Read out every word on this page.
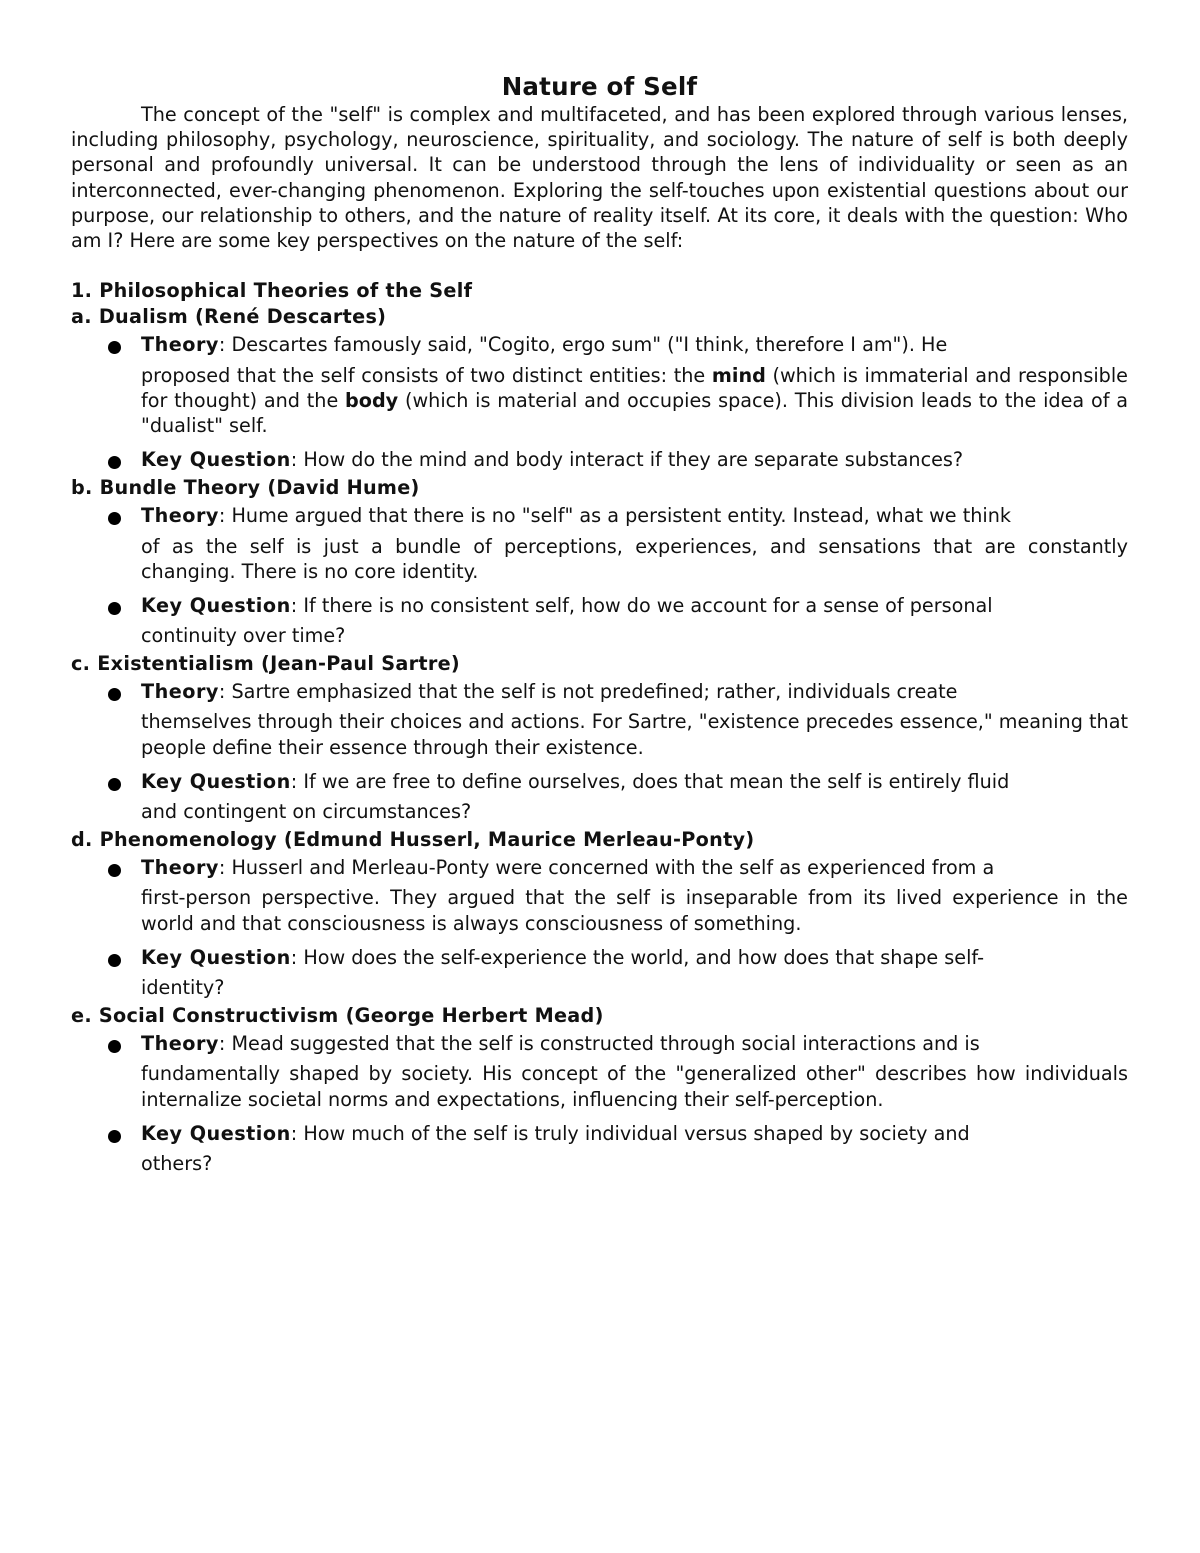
Nature of Self

The concept of the "self" is complex and multifaceted, and has been explored through various lenses, including philosophy, psychology, neuroscience, spirituality, and sociology. The nature of self is both deeply personal and profoundly universal. It can be understood through the lens of individuality or seen as an interconnected, ever-changing phenomenon. Exploring the self-touches upon existential questions about our purpose, our relationship to others, and the nature of reality itself. At its core, it deals with the question: Who am I? Here are some key perspectives on the nature of the self:

1. Philosophical Theories of the Self
a. Dualism (René Descartes)
Theory: Descartes famously said, "Cogito, ergo sum" ("I think, therefore I am"). He
proposed that the self consists of two distinct entities: the mind (which is immaterial and responsible for thought) and the body (which is material and occupies space). This division leads to the idea of a "dualist" self.
Key Question: How do the mind and body interact if they are separate substances?
b. Bundle Theory (David Hume)
Theory: Hume argued that there is no "self" as a persistent entity. Instead, what we think
of as the self is just a bundle of perceptions, experiences, and sensations that are constantly changing. There is no core identity.
Key Question: If there is no consistent self, how do we account for a sense of personal
continuity over time?
c. Existentialism (Jean-Paul Sartre)
Theory: Sartre emphasized that the self is not predefined; rather, individuals create
themselves through their choices and actions. For Sartre, "existence precedes essence," meaning that people define their essence through their existence.
Key Question: If we are free to define ourselves, does that mean the self is entirely fluid
and contingent on circumstances?
d. Phenomenology (Edmund Husserl, Maurice Merleau-Ponty)
Theory: Husserl and Merleau-Ponty were concerned with the self as experienced from a
first-person perspective. They argued that the self is inseparable from its lived experience in the world and that consciousness is always consciousness of something.
Key Question: How does the self-experience the world, and how does that shape self-
identity?
e. Social Constructivism (George Herbert Mead)
Theory: Mead suggested that the self is constructed through social interactions and is
fundamentally shaped by society. His concept of the "generalized other" describes how individuals internalize societal norms and expectations, influencing their self-perception.
Key Question: How much of the self is truly individual versus shaped by society and
others?
